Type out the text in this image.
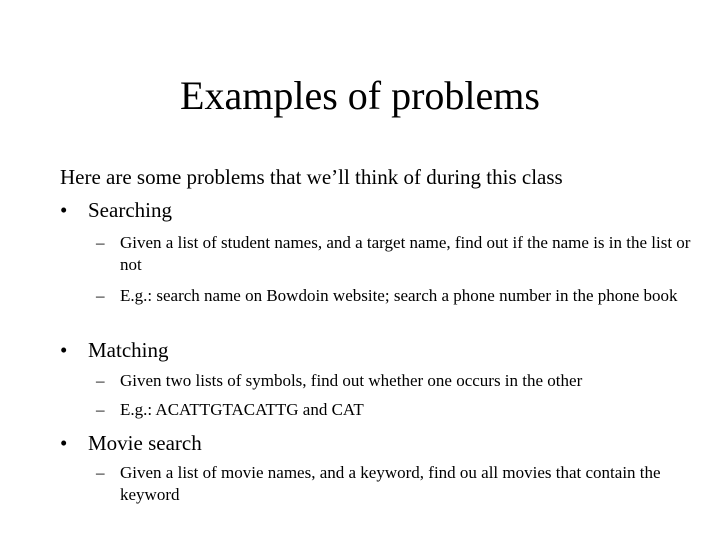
Examples of problems
Here are some problems that we’ll think of during this class
• Searching
– Given a list of student names, and a target name, find out if the name is in the list or not
– E.g.: search name on Bowdoin website; search a phone number in the phone book
• Matching
– Given two lists of symbols, find out whether one occurs in the other
– E.g.: ACATTGTACATTG and CAT
• Movie search
– Given a list of movie names, and a keyword, find ou all movies that contain the keyword
